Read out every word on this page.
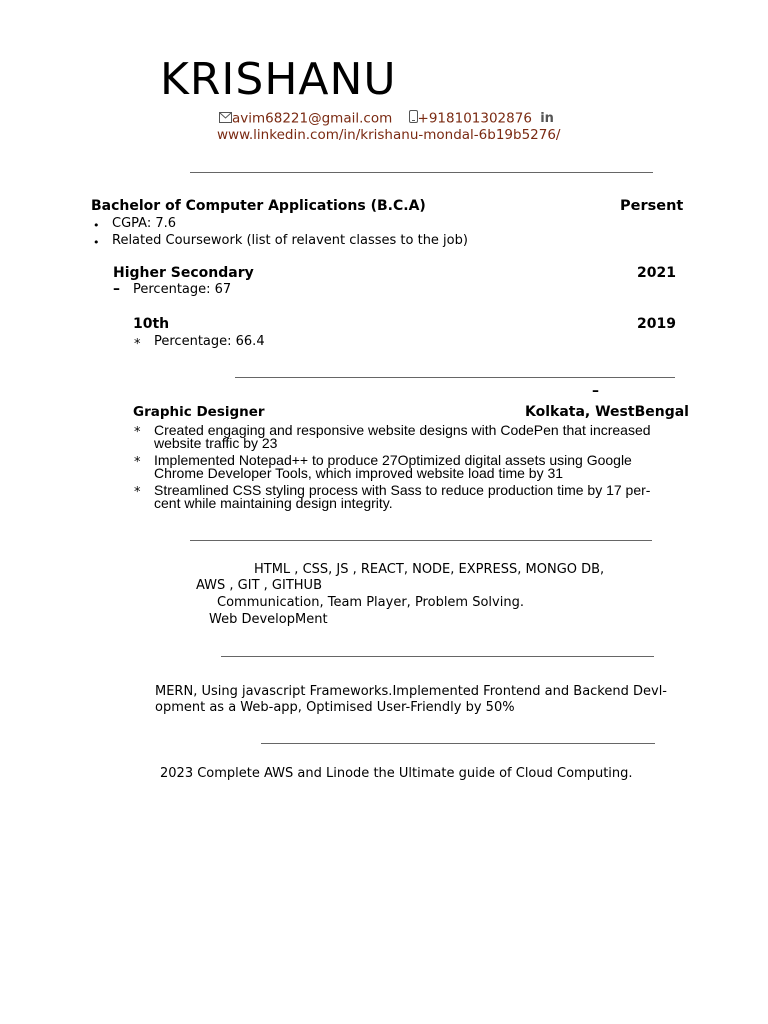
KRISHANU
avim68221@gmail.com +918101302876 in
www.linkedin.com/in/krishanu-mondal-6b19b5276/
Bachelor of Computer Applications (B.C.A)	Persent
• CGPA: 7.6
• Related Coursework (list of relavent classes to the job)
Higher Secondary	2021
– Percentage: 67
10th	2019
* Percentage: 66.4
–
Graphic Designer	Kolkata, WestBengal
* Created engaging and responsive website designs with CodePen that increased
website traffic by 23
* Implemented Notepad++ to produce 27Optimized digital assets using Google
Chrome Developer Tools, which improved website load time by 31
* Streamlined CSS styling process with Sass to reduce production time by 17 per-
cent while maintaining design integrity.
HTML , CSS, JS , REACT, NODE, EXPRESS, MONGO DB,
AWS , GIT , GITHUB
Communication, Team Player, Problem Solving.
Web DevelopMent
MERN, Using javascript Frameworks.Implemented Frontend and Backend Devl-
opment as a Web-app, Optimised User-Friendly by 50%
2023 Complete AWS and Linode the Ultimate guide of Cloud Computing.
